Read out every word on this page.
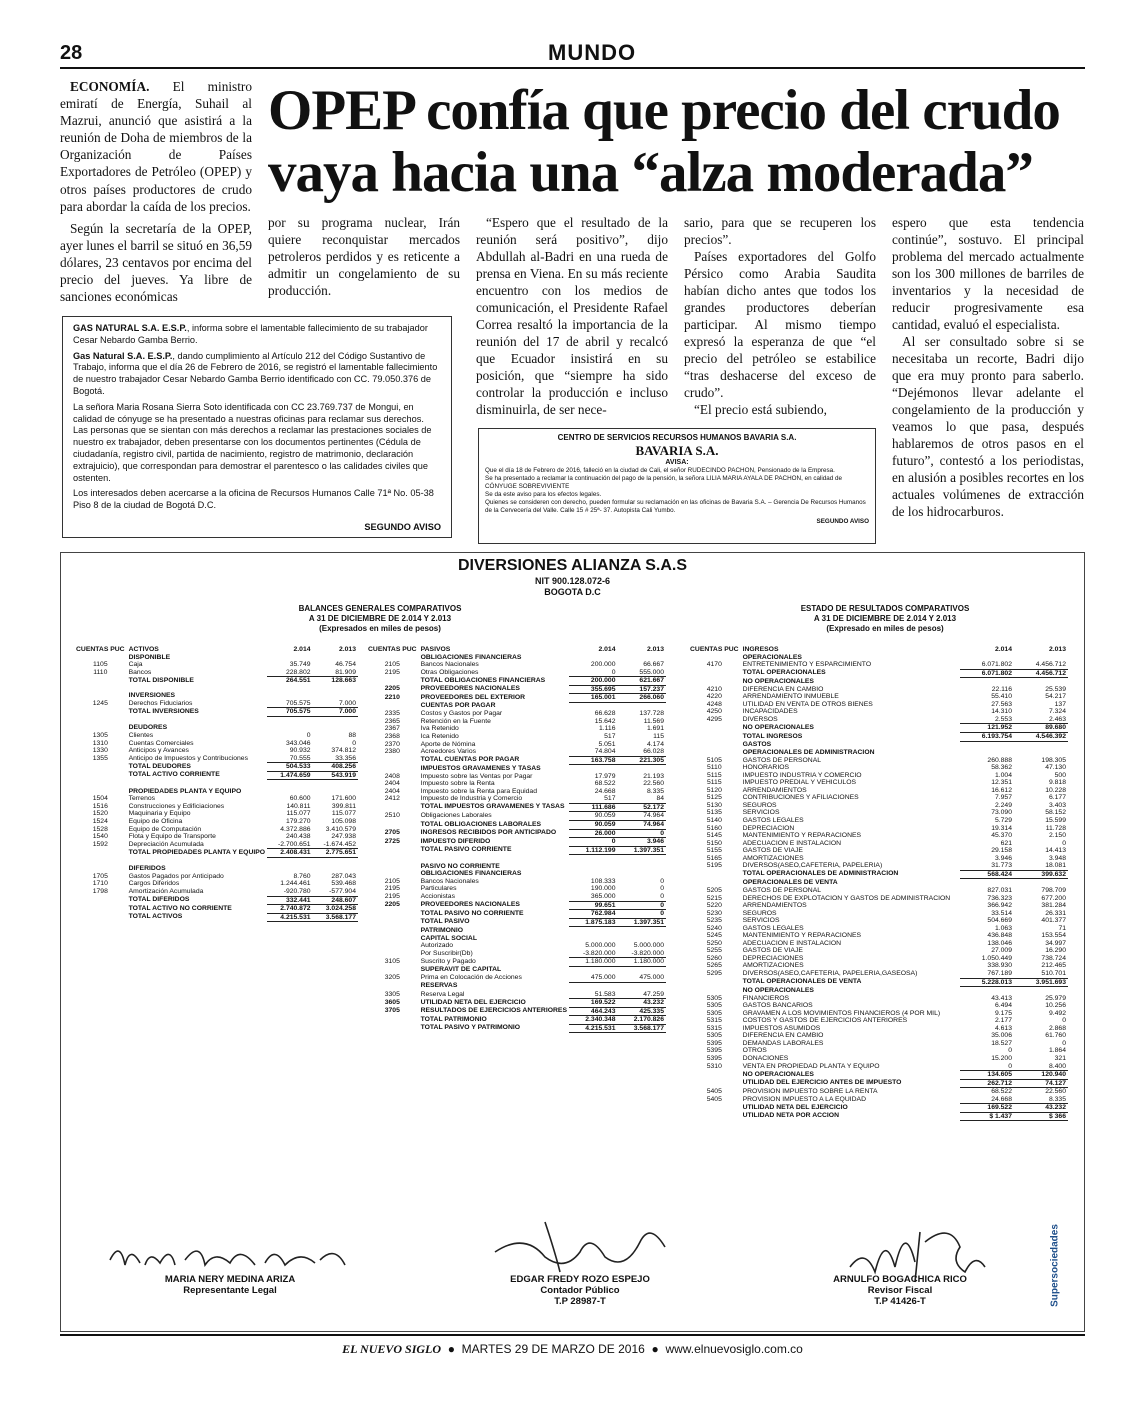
28	MUNDO

ECONOMÍA. El ministro emiratí de Energía, Suhail al Mazrui, anunció que asistirá a la reunión de Doha de miembros de la Organización de Países Exportadores de Petróleo (OPEP) y otros países productores de crudo para abordar la caída de los precios.

Según la secretaría de la OPEP, ayer lunes el barril se situó en 36,59 dólares, 23 centavos por encima del precio del jueves. Ya libre de sanciones económicas

OPEP confía que precio del crudo
vaya hacia una “alza moderada”

por su programa nuclear, Irán quiere reconquistar mercados petroleros perdidos y es reticente a admitir un congelamiento de su producción.

“Espero que el resultado de la reunión será positivo”, dijo Abdullah al-Badri en una rueda de prensa en Viena. En su más reciente encuentro con los medios de comunicación, el Presidente Rafael Correa resaltó la importancia de la reunión del 17 de abril y recalcó que Ecuador insistirá en su posición, que “siempre ha sido controlar la producción e incluso disminuirla, de ser nece-

sario, para que se recuperen los precios”.

Países exportadores del Golfo Pérsico como Arabia Saudita habían dicho antes que todos los grandes productores deberían participar. Al mismo tiempo expresó la esperanza de que “el precio del petróleo se estabilice “tras deshacerse del exceso de crudo”.

“El precio está subiendo,

espero que esta tendencia continúe”, sostuvo. El principal problema del mercado actualmente son los 300 millones de barriles de inventarios y la necesidad de reducir progresivamente esa cantidad, evaluó el especialista.

Al ser consultado sobre si se necesitaba un recorte, Badri dijo que era muy pronto para saberlo. “Dejémonos llevar adelante el congelamiento de la producción y veamos lo que pasa, después hablaremos de otros pasos en el futuro”, contestó a los periodistas, en alusión a posibles recortes en los actuales volúmenes de extracción de los hidrocarburos.

GAS NATURAL S.A. E.S.P., informa sobre el lamentable fallecimiento de su trabajador Cesar Nebardo Gamba Berrio.

Gas Natural S.A. E.S.P., dando cumplimiento al Artículo 212 del Código Sustantivo de Trabajo, informa que el día 26 de Febrero de 2016, se registró el lamentable fallecimiento de nuestro trabajador Cesar Nebardo Gamba Berrio identificado con CC. 79.050.376 de Bogotá.

La señora Maria Rosana Sierra Soto identificada con CC 23.769.737 de Mongui, en calidad de cónyuge se ha presentado a nuestras oficinas para reclamar sus derechos. Las personas que se sientan con más derechos a reclamar las prestaciones sociales de nuestro ex trabajador, deben presentarse con los documentos pertinentes (Cédula de ciudadanía, registro civil, partida de nacimiento, registro de matrimonio, declaración extrajuicio), que correspondan para demostrar el parentesco o las calidades civiles que ostenten.

Los interesados deben acercarse a la oficina de Recursos Humanos Calle 71ª No. 05-38 Piso 8 de la ciudad de Bogotá D.C.

SEGUNDO AVISO
CENTRO DE SERVICIOS RECURSOS HUMANOS BAVARIA S.A.
BAVARIA S.A.
AVISA:
Que el día 18 de Febrero de 2016, falleció en la ciudad de Cali, el señor RUDECINDO PACHON, Pensionado de la Empresa.
Se ha presentado a reclamar la continuación del pago de la pensión, la señora LILIA MARIA AYALA DE PACHON, en calidad de CÓNYUGE SOBREVIVIENTE
Se da este aviso para los efectos legales.
Quienes se consideren con derecho, pueden formular su reclamación en las oficinas de Bavaria S.A. – Gerencia De Recursos Humanos de la Cervecería del Valle. Calle 15 # 25ª- 37. Autopista Cali Yumbo.
SEGUNDO AVISO
DIVERSIONES ALIANZA S.A.S
NIT 900.128.072-6
BOGOTA D.C
BALANCES GENERALES COMPARATIVOS
A 31 DE DICIEMBRE DE 2.014 Y 2.013
(Expresados en miles de pesos)
ESTADO DE RESULTADOS COMPARATIVOS
A 31 DE DICIEMBRE DE 2.014 Y 2.013
(Expresado en miles de pesos)
CUENTAS PUC	ACTIVOS	2.014	2.013
	DISPONIBLE		
1105	Caja	35.749	46.754
1110	Bancos	228.802	81.909
	TOTAL DISPONIBLE	264.551	128.663

	INVERSIONES		
1245	Derechos Fiduciarios	705.575	7.000
	TOTAL INVERSIONES	705.575	7.000

	DEUDORES		
1305	Clientes	0	88
1310	Cuentas Comerciales	343.046	0
1330	Anticipos y Avances	90.932	374.812
1355	Anticipo de Impuestos y Contribuciones	70.555	33.356
	TOTAL DEUDORES	504.533	408.256
	TOTAL ACTIVO CORRIENTE	1.474.659	543.919

	PROPIEDADES PLANTA Y EQUIPO		
1504	Terrenos	60.600	171.600
1516	Construcciones y Edificiaciones	140.811	399.811
1520	Maquinaria y Equipo	115.077	115.077
1524	Equipo de Oficina	179.270	105.098
1528	Equipo de Computación	4.372.886	3.410.579
1540	Flota y Equipo de Transporte	240.438	247.938
1592	Depreciación Acumulada	-2.700.651	-1.674.452
	TOTAL PROPIEDADES PLANTA Y EQUIPO	2.408.431	2.775.651

	DIFERIDOS		
1705	Gastos Pagados por Anticipado	8.760	287.043
1710	Cargos Diferidos	1.244.461	539.468
1798	Amortización Acumulada	-920.780	-577.904
	TOTAL DIFERIDOS	332.441	248.607
	TOTAL ACTIVO NO CORRIENTE	2.740.872	3.024.258
	TOTAL ACTIVOS	4.215.531	3.568.177
CUENTAS PUC	PASIVOS	2.014	2.013
	OBLIGACIONES FINANCIERAS		
2105	Bancos Nacionales	200.000	66.667
2195	Otras Obligaciones	0	555.000
	TOTAL OBLIGACIONES FINANCIERAS	200.000	621.667
2205	PROVEEDORES NACIONALES	355.695	157.237
2210	PROVEEDORES DEL EXTERIOR	165.001	266.060
	CUENTAS POR PAGAR		
2335	Costos y Gastos por Pagar	66.628	137.728
2365	Retención en la Fuente	15.642	11.569
2367	Iva Retenido	1.116	1.691
2368	Ica Retenido	517	115
2370	Aporte de Nómina	5.051	4.174
2380	Acreedores Varios	74.804	66.028
	TOTAL CUENTAS POR PAGAR	163.758	221.305
	IMPUESTOS GRAVAMENES Y TASAS		
2408	Impuesto sobre las Ventas por Pagar	17.979	21.193
2404	Impuesto sobre la Renta	68.522	22.560
2404	Impuesto sobre la Renta para Equidad	24.668	8.335
2412	Impuesto de Industria y Comercio	517	84
	TOTAL IMPUESTOS GRAVAMENES Y TASAS	111.686	52.172
2510	Obligaciones Laborales	90.059	74.964
	TOTAL OBLIGACIONES LABORALES	90.059	74.964
2705	INGRESOS RECIBIDOS POR ANTICIPADO	26.000	0
2725	IMPUESTO DIFERIDO	0	3.946
	TOTAL PASIVO CORRIENTE	1.112.199	1.397.351

	PASIVO NO CORRIENTE		
	OBLIGACIONES FINANCIERAS		
2105	Bancos Nacionales	108.333	0
2195	Particulares	190.000	0
2195	Accionistas	365.000	0
2205	PROVEEDORES NACIONALES	99.651	0
	TOTAL PASIVO NO CORRIENTE	762.984	0
	TOTAL PASIVO	1.875.183	1.397.351
	PATRIMONIO		
	CAPITAL SOCIAL		
	Autorizado	5.000.000	5.000.000
	Por Suscribir(Db)	-3.820.000	-3.820.000
3105	Suscrito y Pagado	1.180.000	1.180.000
	SUPERAVIT DE CAPITAL		
3205	Prima en Colocación de Acciones	475.000	475.000
	RESERVAS		
3305	Reserva Legal	51.583	47.259
3605	UTILIDAD NETA DEL EJERCICIO	169.522	43.232
3705	RESULTADOS DE EJERCICIOS ANTERIORES	464.243	425.335
	TOTAL PATRIMONIO	2.340.348	2.170.826
	TOTAL PASIVO Y PATRIMONIO	4.215.531	3.568.177
CUENTAS PUC	INGRESOS	2.014	2.013
	OPERACIONALES		
4170	ENTRETENIMIENTO Y ESPARCIMIENTO	6.071.802	4.456.712
	TOTAL OPERACIONALES	6.071.802	4.456.712
	NO OPERACIONALES		
4210	DIFERENCIA EN CAMBIO	22.116	25.539
4220	ARRENDAMIENTO INMUEBLE	55.410	54.217
4248	UTILIDAD EN VENTA DE OTROS BIENES	27.563	137
4250	INCAPACIDADES	14.310	7.324
4295	DIVERSOS	2.553	2.463
	NO OPERACIONALES	121.952	89.680
	TOTAL INGRESOS	6.193.754	4.546.392
	GASTOS		
	OPERACIONALES DE ADMINISTRACION		
5105	GASTOS DE PERSONAL	260.888	198.305
5110	HONORARIOS	58.362	47.130
5115	IMPUESTO INDUSTRIA Y COMERCIO	1.004	500
5115	IMPUESTO PREDIAL Y VEHICULOS	12.351	9.818
5120	ARRENDAMIENTOS	16.612	10.228
5125	CONTRIBUCIONES Y AFILIACIONES	7.957	6.177
5130	SEGUROS	2.249	3.403
5135	SERVICIOS	73.090	58.152
5140	GASTOS LEGALES	5.729	15.599
5160	DEPRECIACION	19.314	11.728
5145	MANTENIMIENTO Y REPARACIONES	45.370	2.150
5150	ADECUACION E INSTALACION	621	0
5155	GASTOS DE VIAJE	29.158	14.413
5165	AMORTIZACIONES	3.946	3.948
5195	DIVERSOS(ASEO,CAFETERIA, PAPELERIA)	31.773	18.081
	TOTAL OPERACIONALES DE ADMINISTRACION	568.424	399.632
	OPERACIONALES DE VENTA		
5205	GASTOS DE PERSONAL	827.031	798.709
5215	DERECHOS DE EXPLOTACION Y GASTOS DE ADMINISTRACION	736.323	677.200
5220	ARRENDAMIENTOS	366.942	381.284
5230	SEGUROS	33.514	26.331
5235	SERVICIOS	504.669	401.377
5240	GASTOS LEGALES	1.063	71
5245	MANTENIMIENTO Y REPARACIONES	436.848	153.554
5250	ADECUACION E INSTALACION	138.046	34.997
5255	GASTOS DE VIAJE	27.009	16.290
5260	DEPRECIACIONES	1.050.449	738.724
5265	AMORTIZACIONES	338.930	212.465
5295	DIVERSOS(ASEO,CAFETERIA, PAPELERIA,GASEOSA)	767.189	510.701
	TOTAL OPERACIONALES DE VENTA	5.228.013	3.951.693
	NO OPERACIONALES		
5305	FINANCIEROS	43.413	25.979
5305	GASTOS BANCARIOS	6.494	10.256
5305	GRAVAMEN A LOS MOVIMIENTOS FINANCIEROS (4 POR MIL)	9.175	9.492
5315	COSTOS Y GASTOS DE EJERCICIOS ANTERIORES	2.177	0
5315	IMPUESTOS ASUMIDOS	4.613	2.868
5305	DIFERENCIA EN CAMBIO	35.006	61.760
5395	DEMANDAS LABORALES	18.527	0
5395	OTROS	0	1.864
5395	DONACIONES	15.200	321
5310	VENTA EN PROPIEDAD PLANTA Y EQUIPO	0	8.400
	NO OPERACIONALES	134.605	120.940
	UTILIDAD DEL EJERCICIO ANTES DE IMPUESTO	262.712	74.127
5405	PROVISION IMPUESTO SOBRE LA RENTA	68.522	22.560
5405	PROVISION IMPUESTO A LA EQUIDAD	24.668	8.335
	UTILIDAD NETA DEL EJERCICIO	169.522	43.232
	UTILIDAD NETA POR ACCION	$ 1.437	$ 366
MARIA NERY MEDINA ARIZA
Representante Legal
EDGAR FREDY ROZO ESPEJO
Contador Público
T.P 28987-T
ARNULFO BOGACHICA RICO
Revisor Fiscal
T.P 41426-T	Supersociedades
EL NUEVO SIGLO  ●  MARTES 29 DE MARZO DE 2016  ●  www.elnuevosiglo.com.co
